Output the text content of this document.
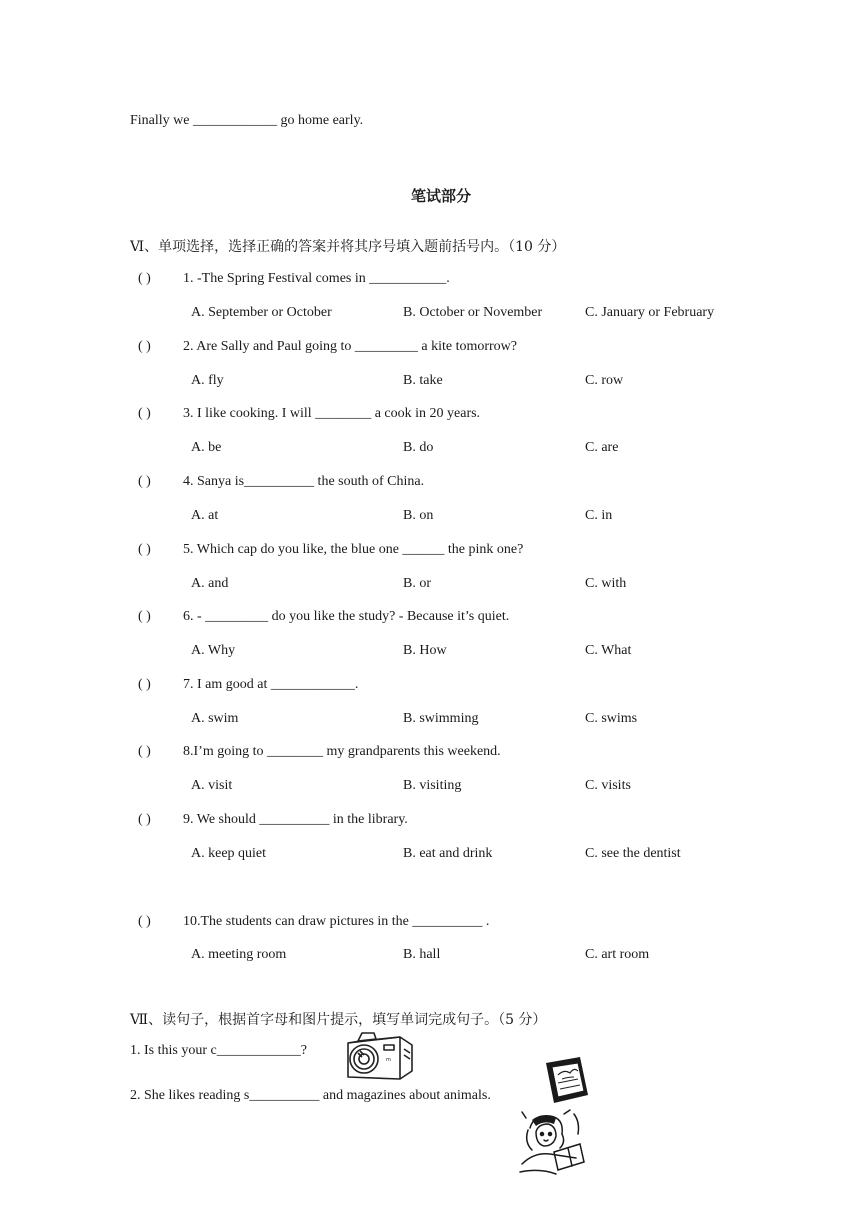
Finally we ____________ go home early.
笔试部分
Ⅵ、单项选择，选择正确的答案并将其序号填入题前括号内。（10 分）
( ) 1. -The Spring Festival comes in ___________.
A. September or October	B. October or November	C. January or February
( ) 2. Are Sally and Paul going to _________ a kite tomorrow?
A. fly	B. take	C. row
( ) 3. I like cooking. I will ________ a cook in 20 years.
A. be	B. do	C. are
( ) 4. Sanya is__________ the south of China.
A. at	B. on	C. in
( ) 5. Which cap do you like, the blue one ______ the pink one?
A. and	B. or	C. with
( ) 6. - _________ do you like the study? - Because it’s quiet.
A. Why	B. How	C. What
( ) 7. I am good at ____________.
A. swim	B. swimming	C. swims
( ) 8.I’m going to ________ my grandparents this weekend.
A. visit	B. visiting	C. visits
( ) 9. We should __________ in the library.
A. keep quiet	B. eat and drink	C. see the dentist
( ) 10.The students can draw pictures in the __________ .
A. meeting room	B. hall	C. art room
Ⅶ、读句子，根据首字母和图片提示，填写单词完成句子。（5 分）
1. Is this your c____________?
2. She likes reading s__________ and magazines about animals.
m
